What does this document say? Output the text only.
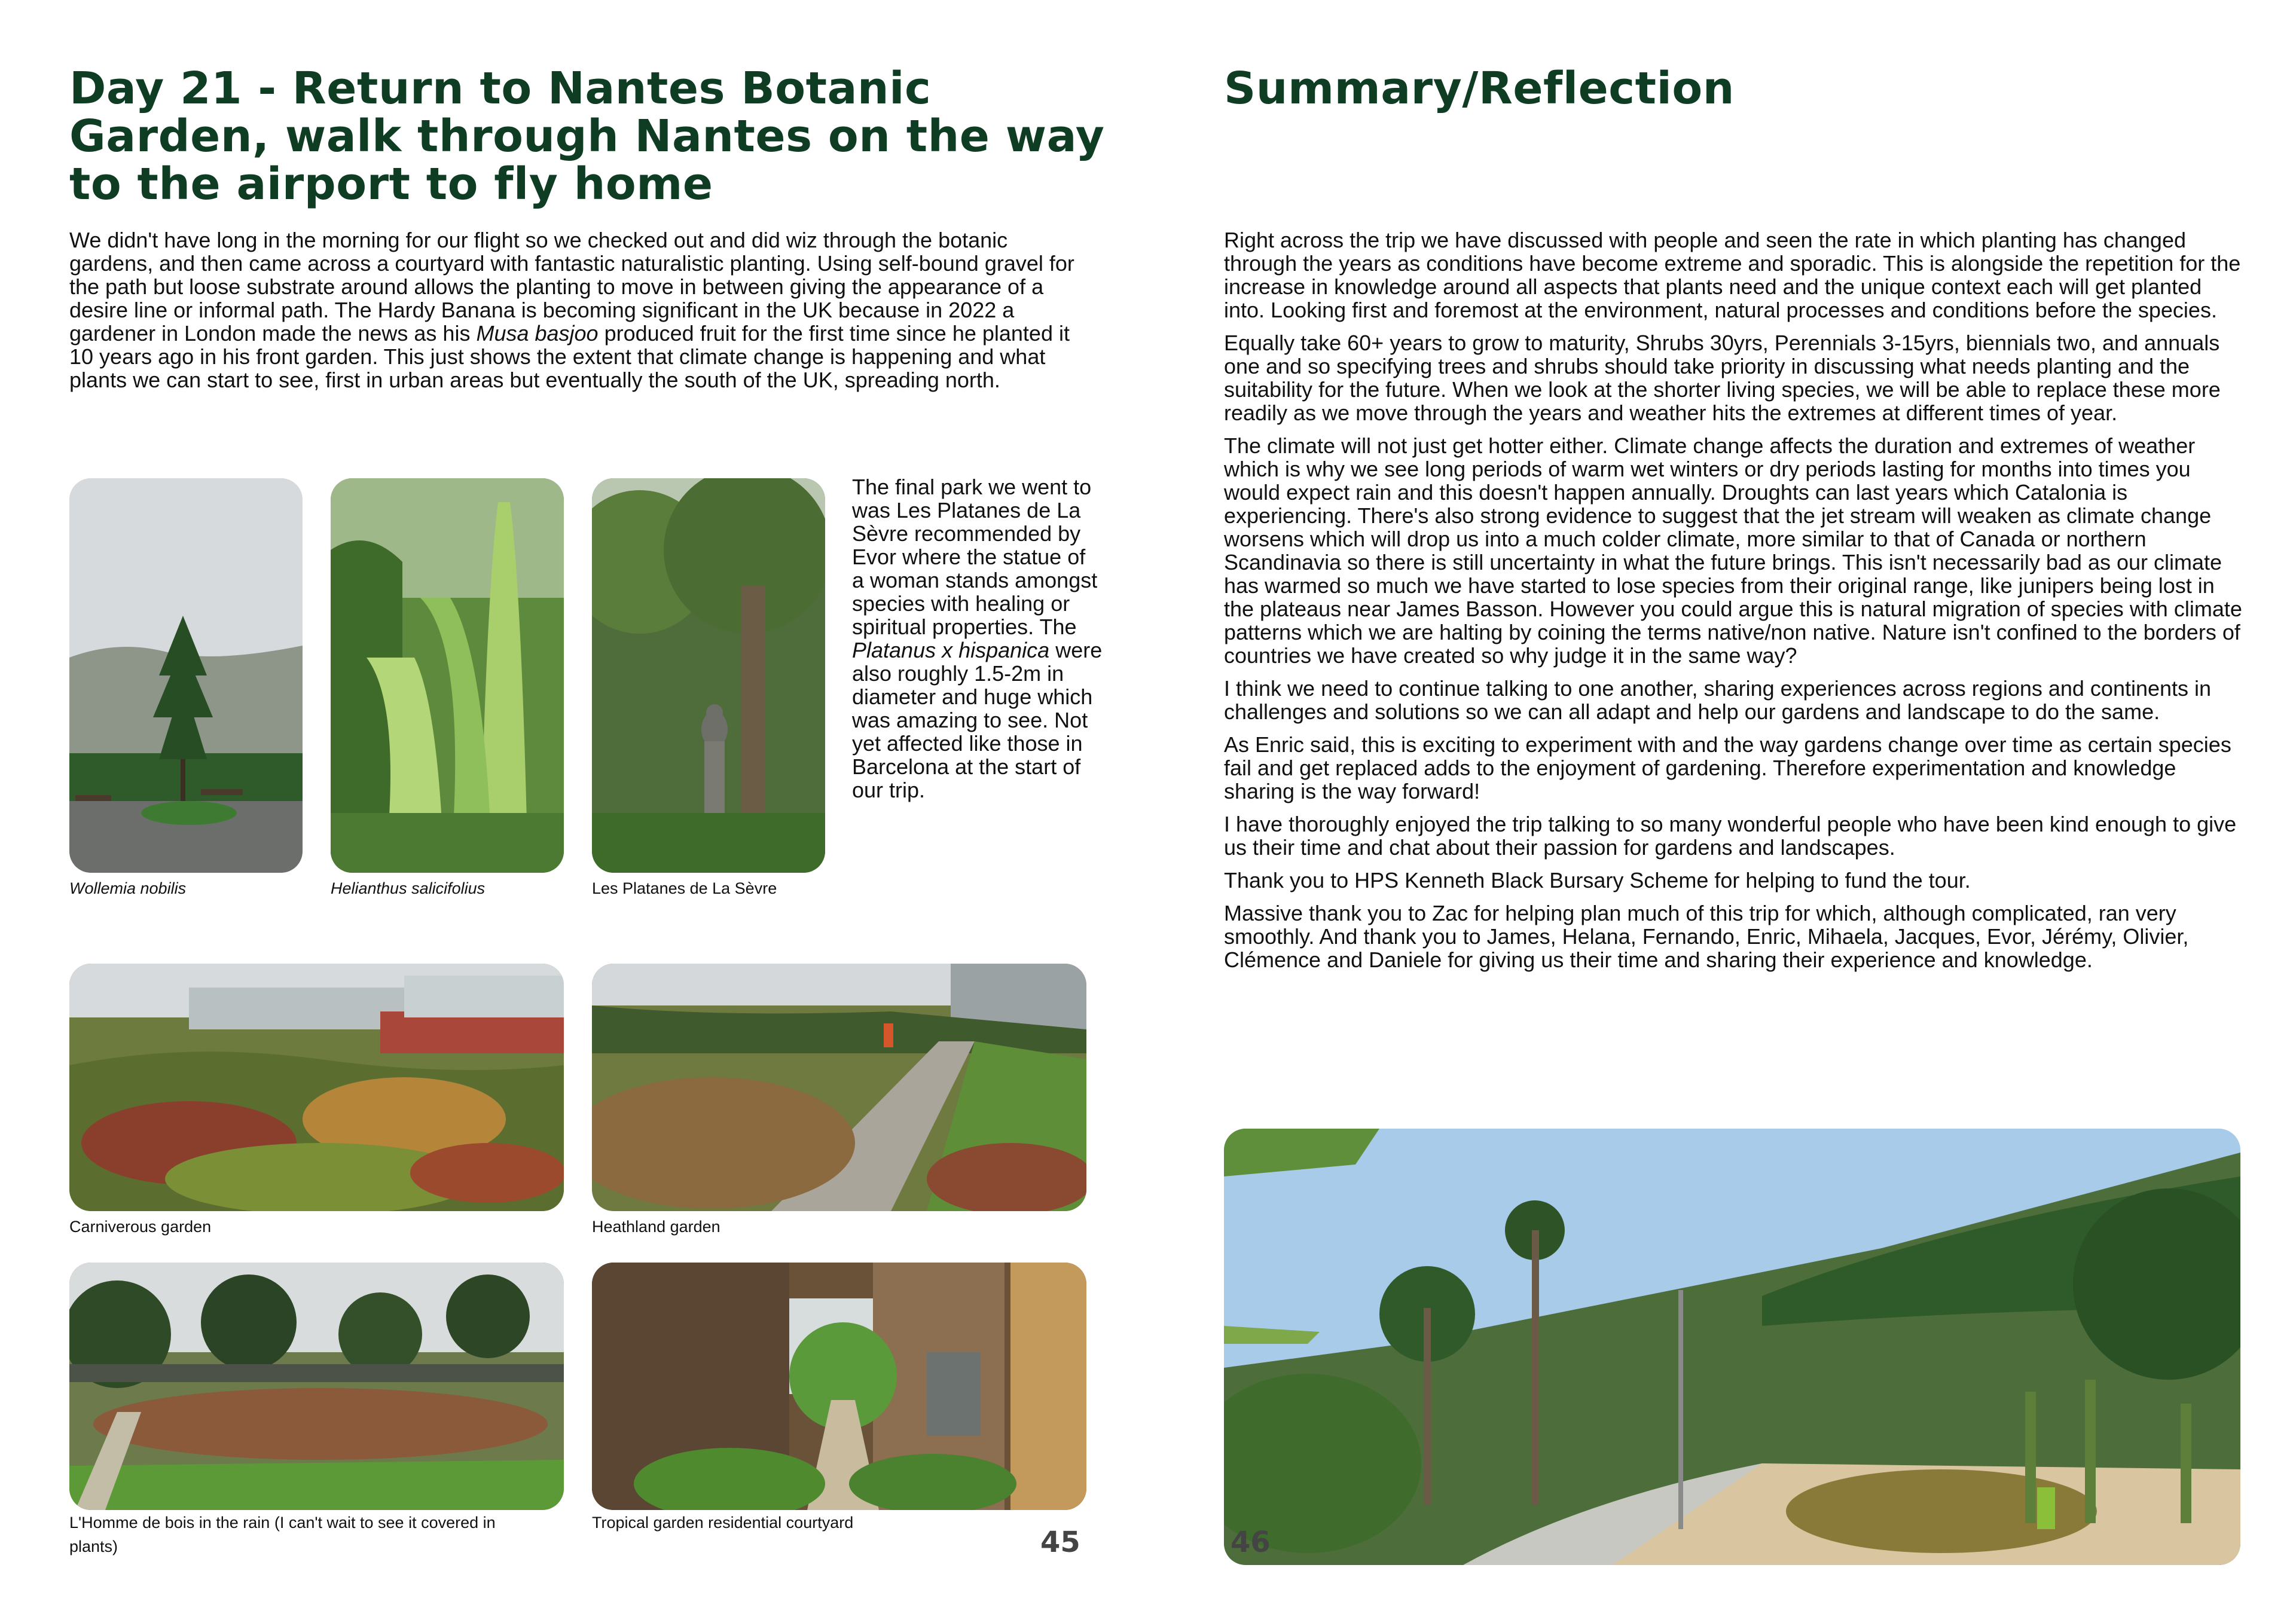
Day 21 - Return to Nantes Botanic Garden, walk through Nantes on the way to the airport to fly home

We didn't have long in the morning for our flight so we checked out and did wiz through the botanic gardens, and then came across a courtyard with fantastic naturalistic planting. Using self-bound gravel for the path but loose substrate around allows the planting to move in between giving the appearance of a desire line or informal path. The Hardy Banana is becoming significant in the UK because in 2022 a gardener in London made the news as his Musa basjoo produced fruit for the first time since he planted it 10 years ago in his front garden. This just shows the extent that climate change is happening and what plants we can start to see, first in urban areas but eventually the south of the UK, spreading north.

Wollemia nobilis	Helianthus salicifolius	Les Platanes de La Sèvre

The final park we went to was Les Platanes de La Sèvre recommended by Evor where the statue of a woman stands amongst species with healing or spiritual properties. The Platanus x hispanica were also roughly 1.5-2m in diameter and huge which was amazing to see. Not yet affected like those in Barcelona at the start of our trip.

Carniverous garden	Heathland garden
L'Homme de bois in the rain (I can't wait to see it covered in plants)
Tropical garden residential courtyard
45
Summary/Reflection

Right across the trip we have discussed with people and seen the rate in which planting has changed through the years as conditions have become extreme and sporadic. This is alongside the repetition for the increase in knowledge around all aspects that plants need and the unique context each will get planted into. Looking first and foremost at the environment, natural processes and conditions before the species.

Equally take 60+ years to grow to maturity, Shrubs 30yrs, Perennials 3-15yrs, biennials two, and annuals one and so specifying trees and shrubs should take priority in discussing what needs planting and the suitability for the future. When we look at the shorter living species, we will be able to replace these more readily as we move through the years and weather hits the extremes at different times of year.

The climate will not just get hotter either. Climate change affects the duration and extremes of weather which is why we see long periods of warm wet winters or dry periods lasting for months into times you would expect rain and this doesn't happen annually. Droughts can last years which Catalonia is experiencing. There's also strong evidence to suggest that the jet stream will weaken as climate change worsens which will drop us into a much colder climate, more similar to that of Canada or northern Scandinavia so there is still uncertainty in what the future brings. This isn't necessarily bad as our climate has warmed so much we have started to lose species from their original range, like junipers being lost in the plateaus near James Basson. However you could argue this is natural migration of species with climate patterns which we are halting by coining the terms native/non native. Nature isn't confined to the borders of countries we have created so why judge it in the same way?

I think we need to continue talking to one another, sharing experiences across regions and continents in challenges and solutions so we can all adapt and help our gardens and landscape to do the same.

As Enric said, this is exciting to experiment with and the way gardens change over time as certain species fail and get replaced adds to the enjoyment of gardening. Therefore experimentation and knowledge sharing is the way forward!

I have thoroughly enjoyed the trip talking to so many wonderful people who have been kind enough to give us their time and chat about their passion for gardens and landscapes.

Thank you to HPS Kenneth Black Bursary Scheme for helping to fund the tour.

Massive thank you to Zac for helping plan much of this trip for which, although complicated, ran very smoothly. And thank you to James, Helana, Fernando, Enric, Mihaela, Jacques, Evor, Jérémy, Olivier, Clémence and Daniele for giving us their time and sharing their experience and knowledge.

46
